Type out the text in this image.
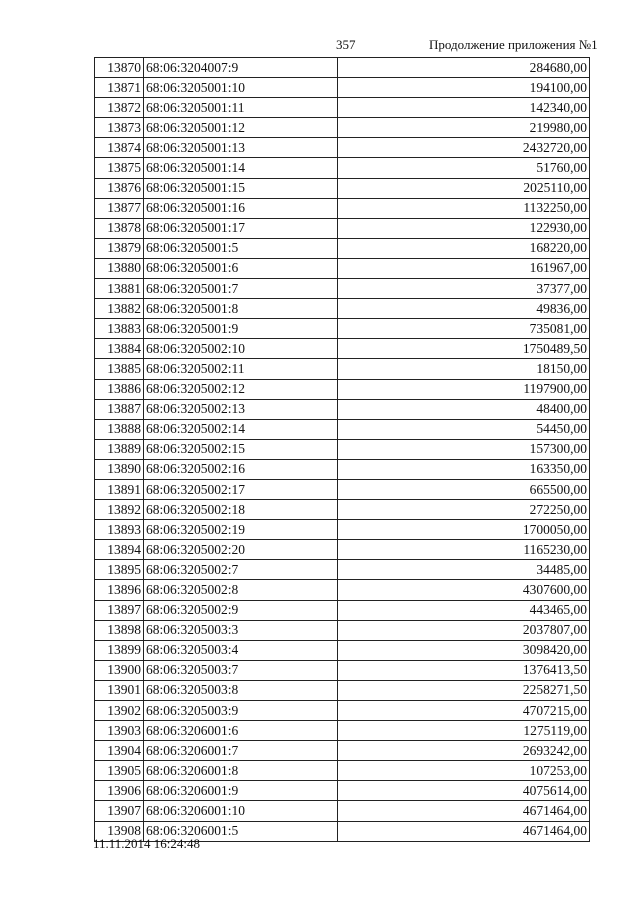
357	Продолжение приложения №1
13870	68:06:3204007:9	284680,00
13871	68:06:3205001:10	194100,00
13872	68:06:3205001:11	142340,00
13873	68:06:3205001:12	219980,00
13874	68:06:3205001:13	2432720,00
13875	68:06:3205001:14	51760,00
13876	68:06:3205001:15	2025110,00
13877	68:06:3205001:16	1132250,00
13878	68:06:3205001:17	122930,00
13879	68:06:3205001:5	168220,00
13880	68:06:3205001:6	161967,00
13881	68:06:3205001:7	37377,00
13882	68:06:3205001:8	49836,00
13883	68:06:3205001:9	735081,00
13884	68:06:3205002:10	1750489,50
13885	68:06:3205002:11	18150,00
13886	68:06:3205002:12	1197900,00
13887	68:06:3205002:13	48400,00
13888	68:06:3205002:14	54450,00
13889	68:06:3205002:15	157300,00
13890	68:06:3205002:16	163350,00
13891	68:06:3205002:17	665500,00
13892	68:06:3205002:18	272250,00
13893	68:06:3205002:19	1700050,00
13894	68:06:3205002:20	1165230,00
13895	68:06:3205002:7	34485,00
13896	68:06:3205002:8	4307600,00
13897	68:06:3205002:9	443465,00
13898	68:06:3205003:3	2037807,00
13899	68:06:3205003:4	3098420,00
13900	68:06:3205003:7	1376413,50
13901	68:06:3205003:8	2258271,50
13902	68:06:3205003:9	4707215,00
13903	68:06:3206001:6	1275119,00
13904	68:06:3206001:7	2693242,00
13905	68:06:3206001:8	107253,00
13906	68:06:3206001:9	4075614,00
13907	68:06:3206001:10	4671464,00
13908	68:06:3206001:5	4671464,00
11.11.2014 16:24:48
